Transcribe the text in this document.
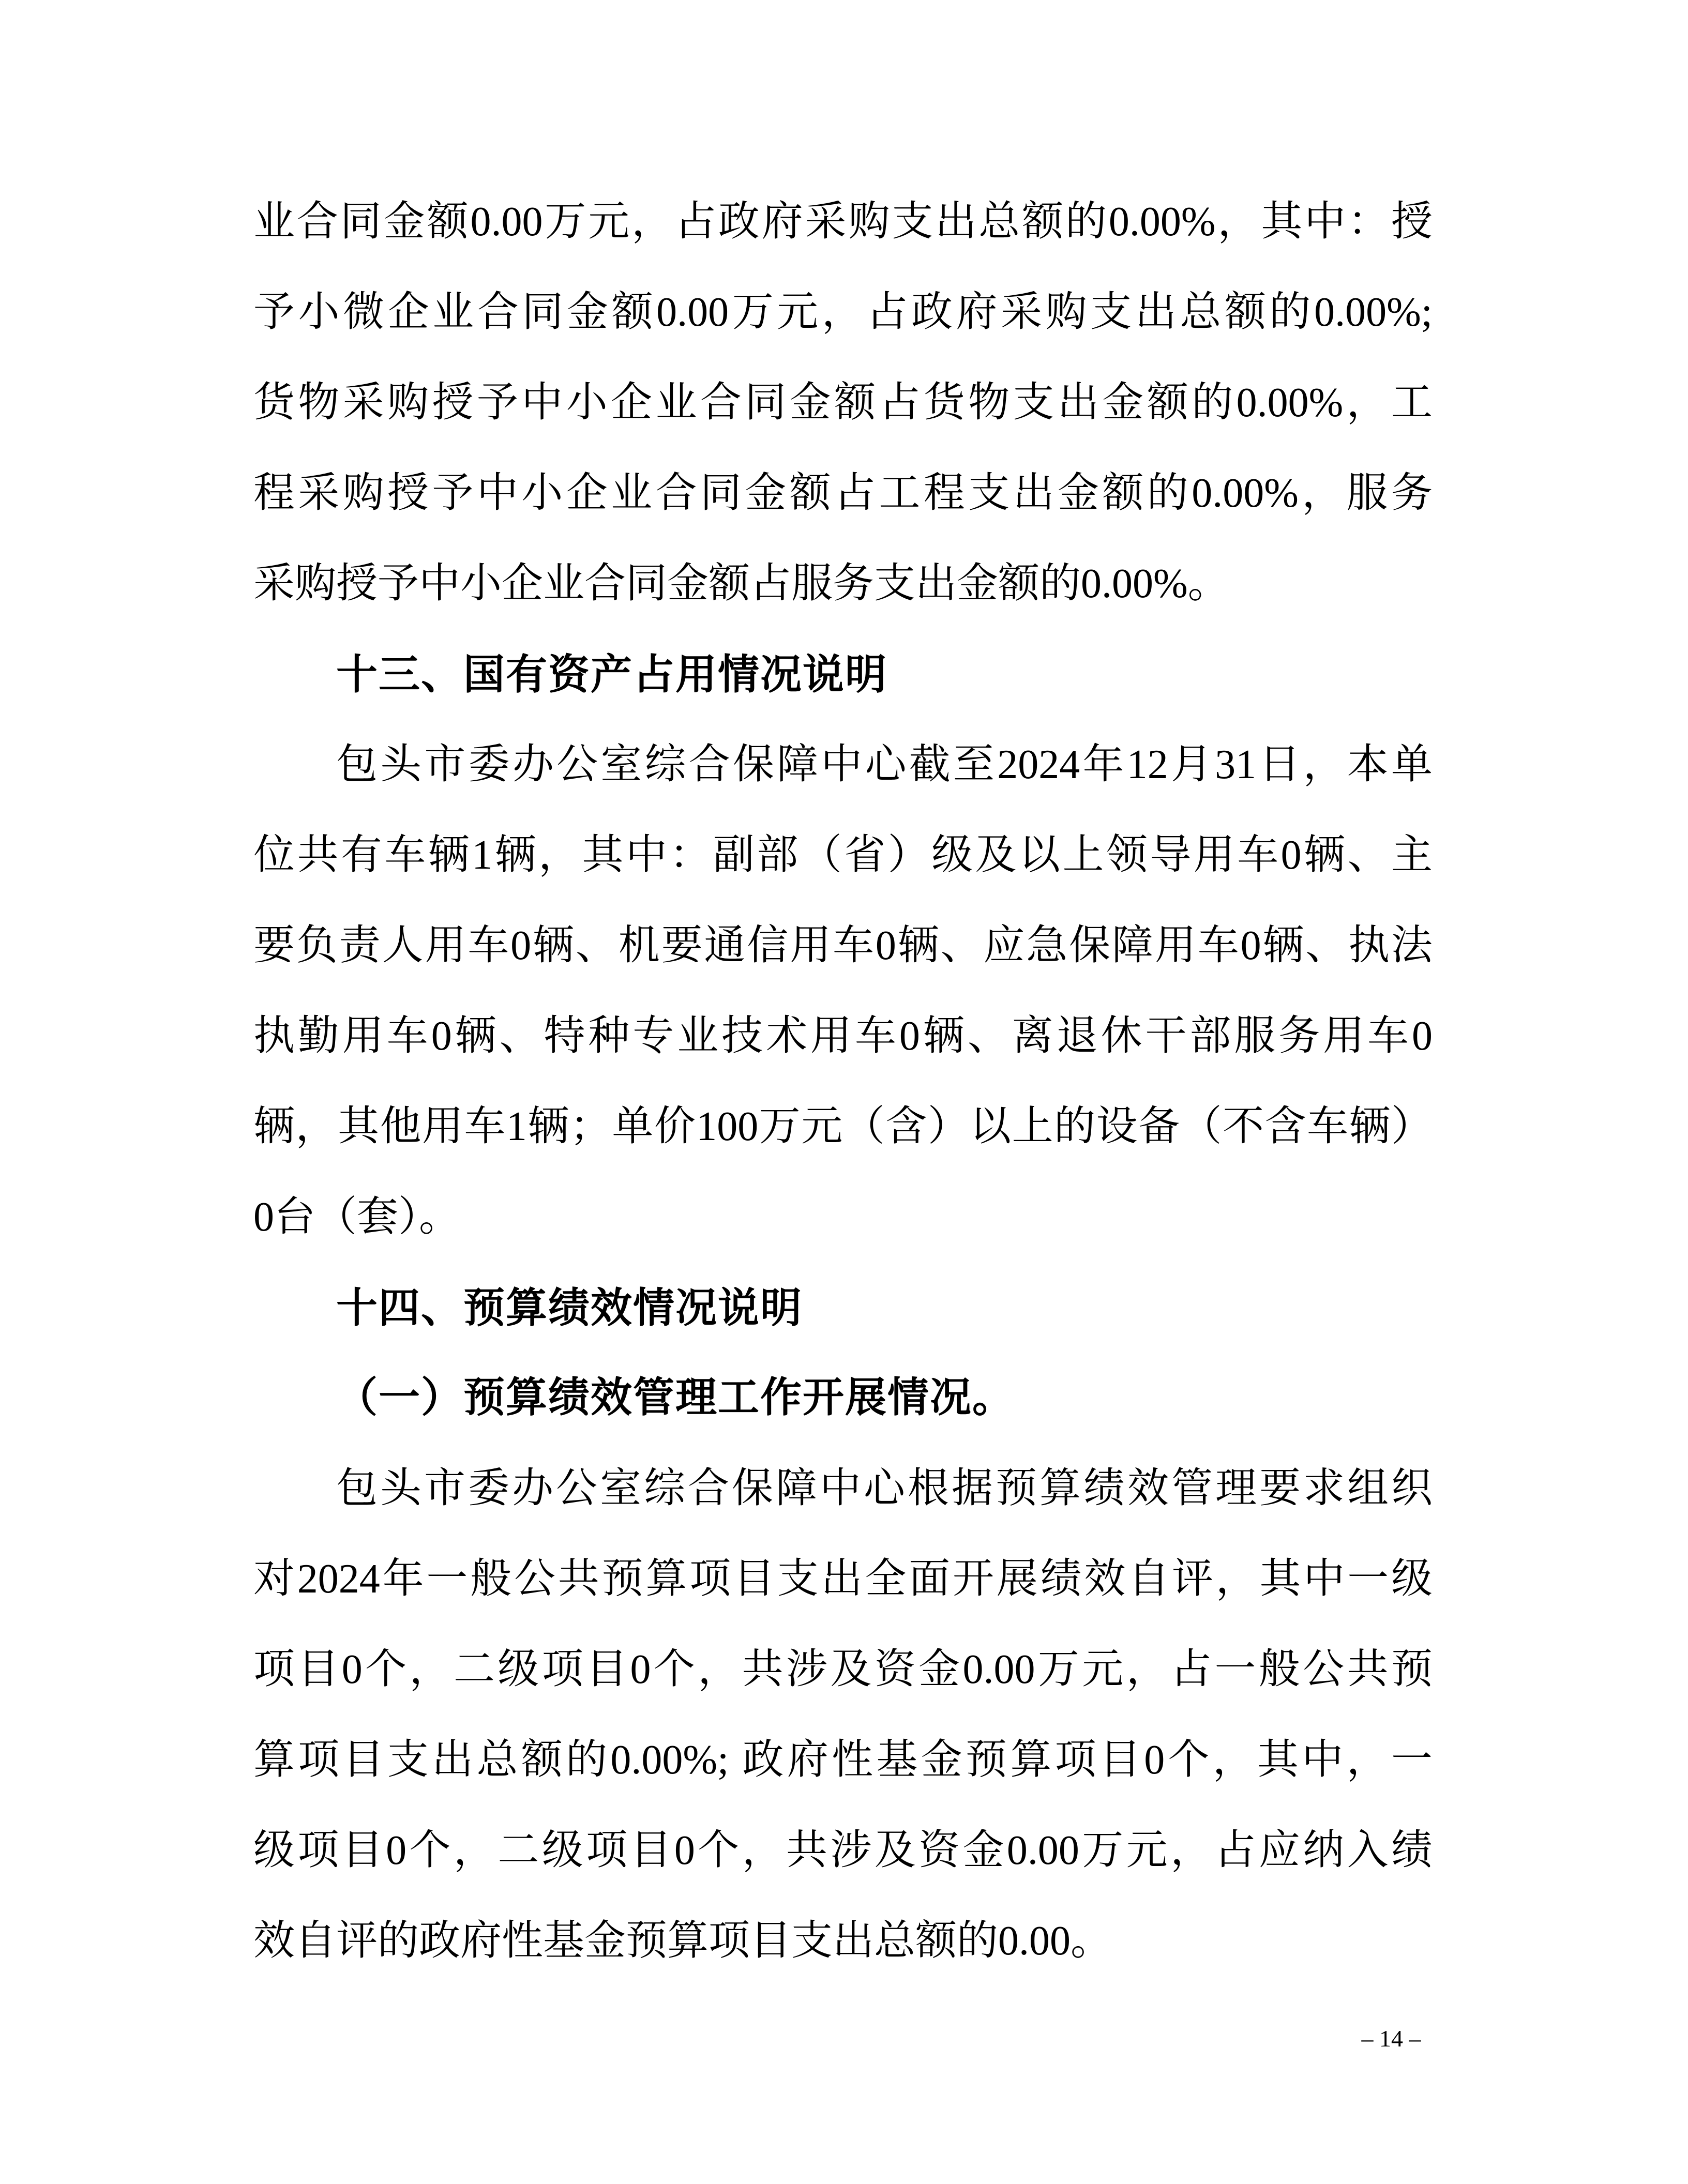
业合同金额0.00万元，占政府采购支出总额的0.00%，其中：授
予小微企业合同金额0.00万元，占政府采购支出总额的0.00%;
货物采购授予中小企业合同金额占货物支出金额的0.00%，工
程采购授予中小企业合同金额占工程支出金额的0.00%，服务
采购授予中小企业合同金额占服务支出金额的0.00%。
十三、国有资产占用情况说明
包头市委办公室综合保障中心截至2024年12月31日，本单
位共有车辆1辆，其中：副部（省）级及以上领导用车0辆、主
要负责人用车0辆、机要通信用车0辆、应急保障用车0辆、执法
执勤用车0辆、特种专业技术用车0辆、离退休干部服务用车0
辆，其他用车1辆；单价100万元（含）以上的设备（不含车辆）
0台（套）。
十四、预算绩效情况说明
（一）预算绩效管理工作开展情况。
包头市委办公室综合保障中心根据预算绩效管理要求组织
对2024年一般公共预算项目支出全面开展绩效自评，其中一级
项目0个，二级项目0个，共涉及资金0.00万元，占一般公共预
算项目支出总额的0.00%; 政府性基金预算项目0个，其中，一
级项目0个，二级项目0个，共涉及资金0.00万元，占应纳入绩
效自评的政府性基金预算项目支出总额的0.00。
– 14 –
